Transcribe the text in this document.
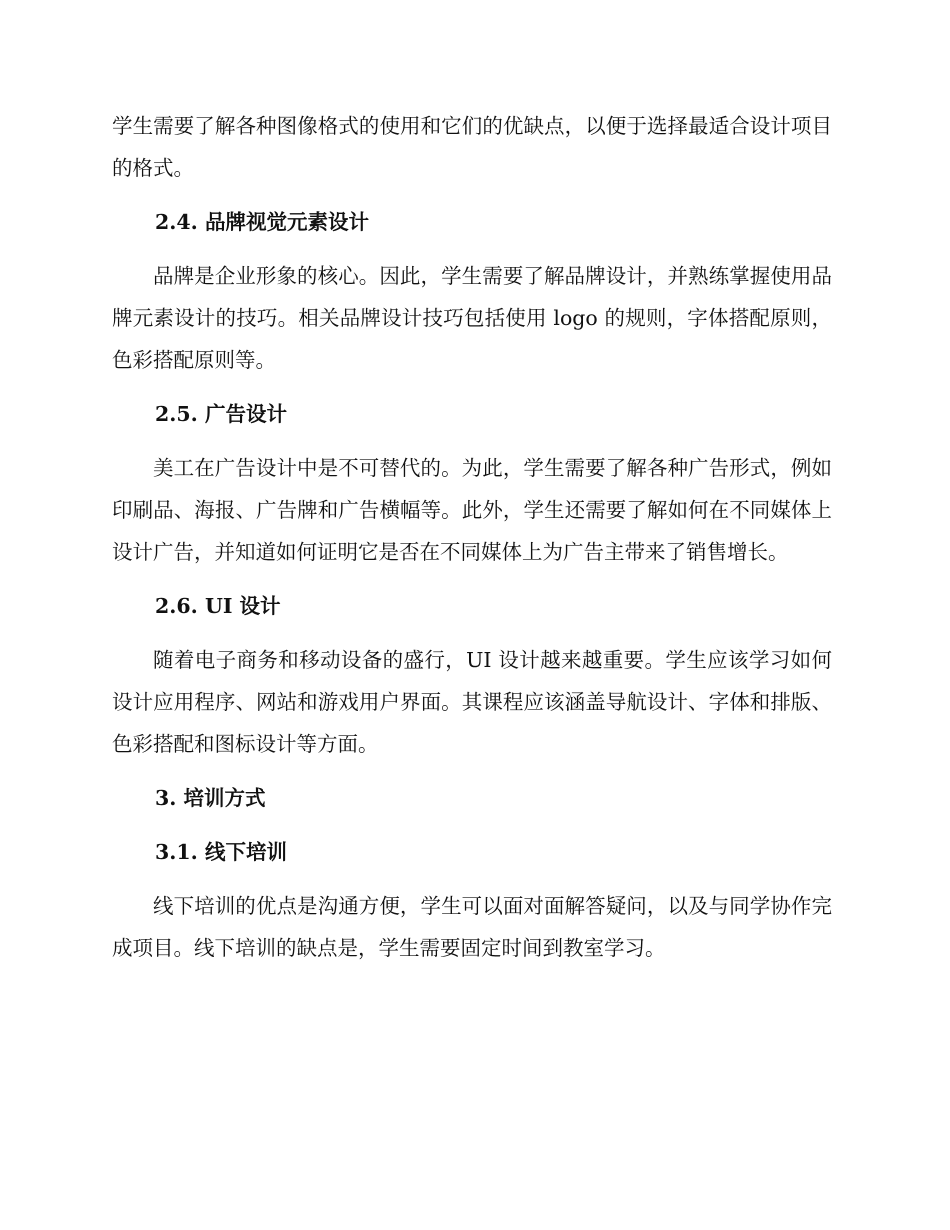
学生需要了解各种图像格式的使用和它们的优缺点，以便于选择最适合设计项目的格式。

2.4. 品牌视觉元素设计

品牌是企业形象的核心。因此，学生需要了解品牌设计，并熟练掌握使用品牌元素设计的技巧。相关品牌设计技巧包括使用 logo 的规则，字体搭配原则，色彩搭配原则等。

2.5. 广告设计

美工在广告设计中是不可替代的。为此，学生需要了解各种广告形式，例如印刷品、海报、广告牌和广告横幅等。此外，学生还需要了解如何在不同媒体上设计广告，并知道如何证明它是否在不同媒体上为广告主带来了销售增长。

2.6. UI 设计

随着电子商务和移动设备的盛行，UI 设计越来越重要。学生应该学习如何设计应用程序、网站和游戏用户界面。其课程应该涵盖导航设计、字体和排版、色彩搭配和图标设计等方面。

3. 培训方式

3.1. 线下培训

线下培训的优点是沟通方便，学生可以面对面解答疑问，以及与同学协作完成项目。线下培训的缺点是，学生需要固定时间到教室学习。
